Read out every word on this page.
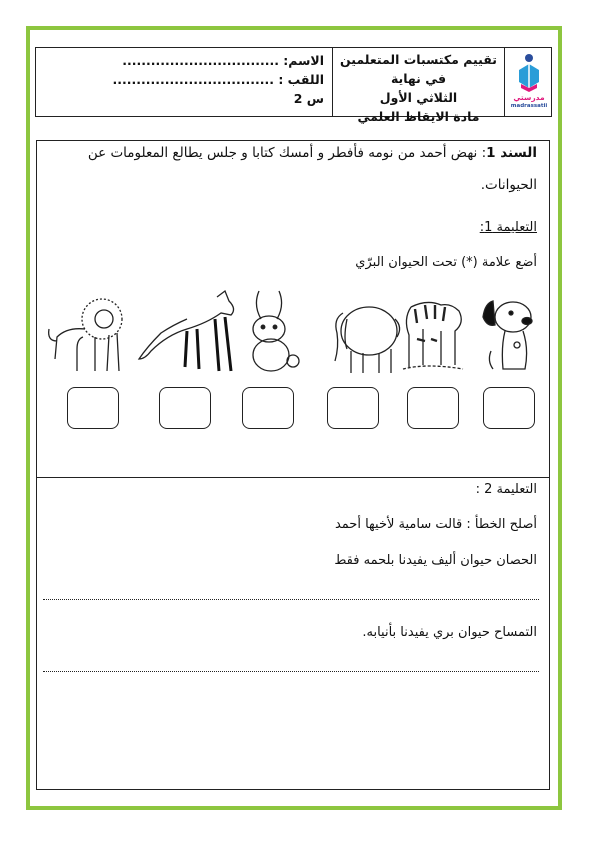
الاسم: .................................
اللقب : ..................................
س 2
تقييم مكتسبات المتعلمين في نهاية
الثلاثي الأول
مادة الايقاظ العلمي
مدرستي
madrassatii
السند 1: نهض أحمد من نومه فأفطر و أمسك كتابا و جلس يطالع المعلومات عن
الحيوانات.
التعليمة 1:
أضع علامة (*) تحت الحيوان البرّي
التعليمة 2 :
أصلح الخطأ : قالت سامية لأخيها أحمد
الحصان حيوان أليف يفيدنا بلحمه فقط
التمساح حيوان بري يفيدنا بأنيابه.
